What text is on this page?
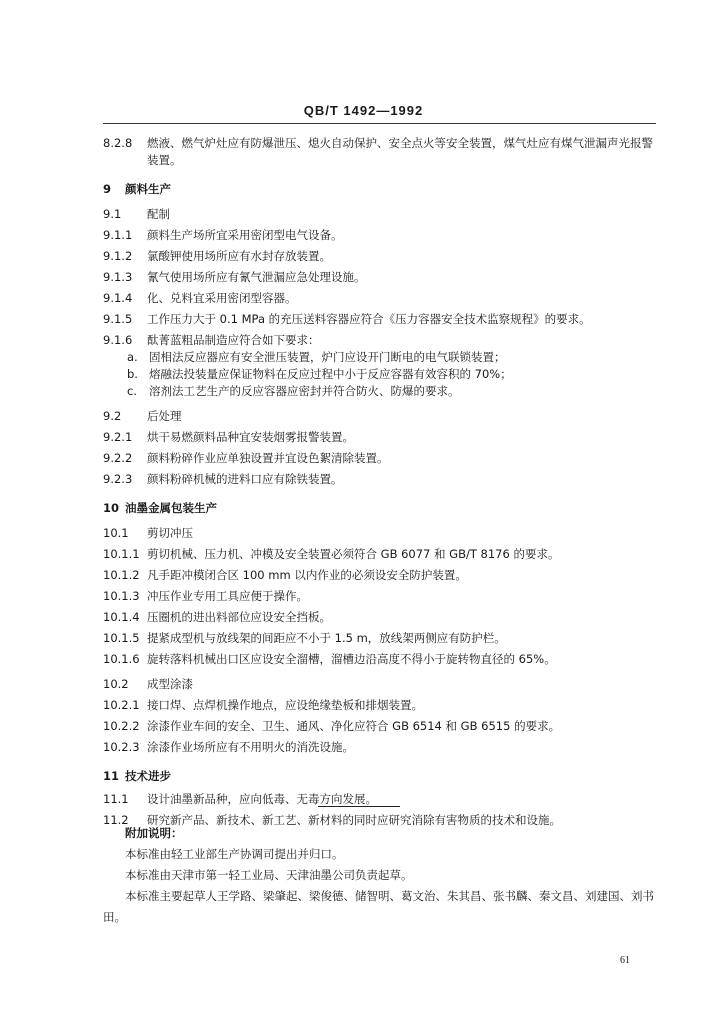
QB/T 1492—1992
8.2.8	燃液、燃气炉灶应有防爆泄压、熄火自动保护、安全点火等安全装置，煤气灶应有煤气泄漏声光报警装置。
9	颜料生产
9.1	配制
9.1.1	颜料生产场所宜采用密闭型电气设备。
9.1.2	氯酸钾使用场所应有水封存放装置。
9.1.3	氰气使用场所应有氰气泄漏应急处理设施。
9.1.4	化、兑料宜采用密闭型容器。
9.1.5	工作压力大于 0.1 MPa 的充压送料容器应符合《压力容器安全技术监察规程》的要求。
9.1.6	酞菁蓝粗品制造应符合如下要求：
a. 固相法反应器应有安全泄压装置，炉门应设开门断电的电气联锁装置；
b. 熔融法投装量应保证物料在反应过程中小于反应容器有效容积的 70%；
c.	溶剂法工艺生产的反应容器应密封并符合防火、防爆的要求。
9.2	后处理
9.2.1	烘干易燃颜料品种宜安装烟雾报警装置。
9.2.2	颜料粉碎作业应单独设置并宜设色絮清除装置。
9.2.3	颜料粉碎机械的进料口应有除铁装置。
10 油墨金属包装生产
10.1	剪切冲压
10.1.1 剪切机械、压力机、冲模及安全装置必须符合 GB 6077 和 GB/T 8176 的要求。
10.1.2 凡手距冲模闭合区 100 mm 以内作业的必须设安全防护装置。
10.1.3 冲压作业专用工具应便于操作。
10.1.4 压圈机的进出料部位应设安全挡板。
10.1.5 提紧成型机与放线架的间距应不小于 1.5 m，放线架两侧应有防护栏。
10.1.6 旋转落料机械出口区应设安全溜槽，溜槽边沿高度不得小于旋转物直径的 65%。
10.2	成型涂漆
10.2.1 接口焊、点焊机操作地点，应设绝缘垫板和排烟装置。
10.2.2 涂漆作业车间的安全、卫生、通风、净化应符合 GB 6514 和 GB 6515 的要求。
10.2.3 涂漆作业场所应有不用明火的消洗设施。
11 技术进步
11.1	设计油墨新品种，应向低毒、无毒方向发展。
11.2	研究新产品、新技术、新工艺、新材料的同时应研究消除有害物质的技术和设施。
附加说明：
本标准由轻工业部生产协调司提出并归口。
本标准由天津市第一轻工业局、天津油墨公司负责起草。
本标准主要起草人王学路、梁肇起、梁俊德、储智明、葛文治、朱其昌、张书麟、秦文昌、刘建国、刘书田。
61
